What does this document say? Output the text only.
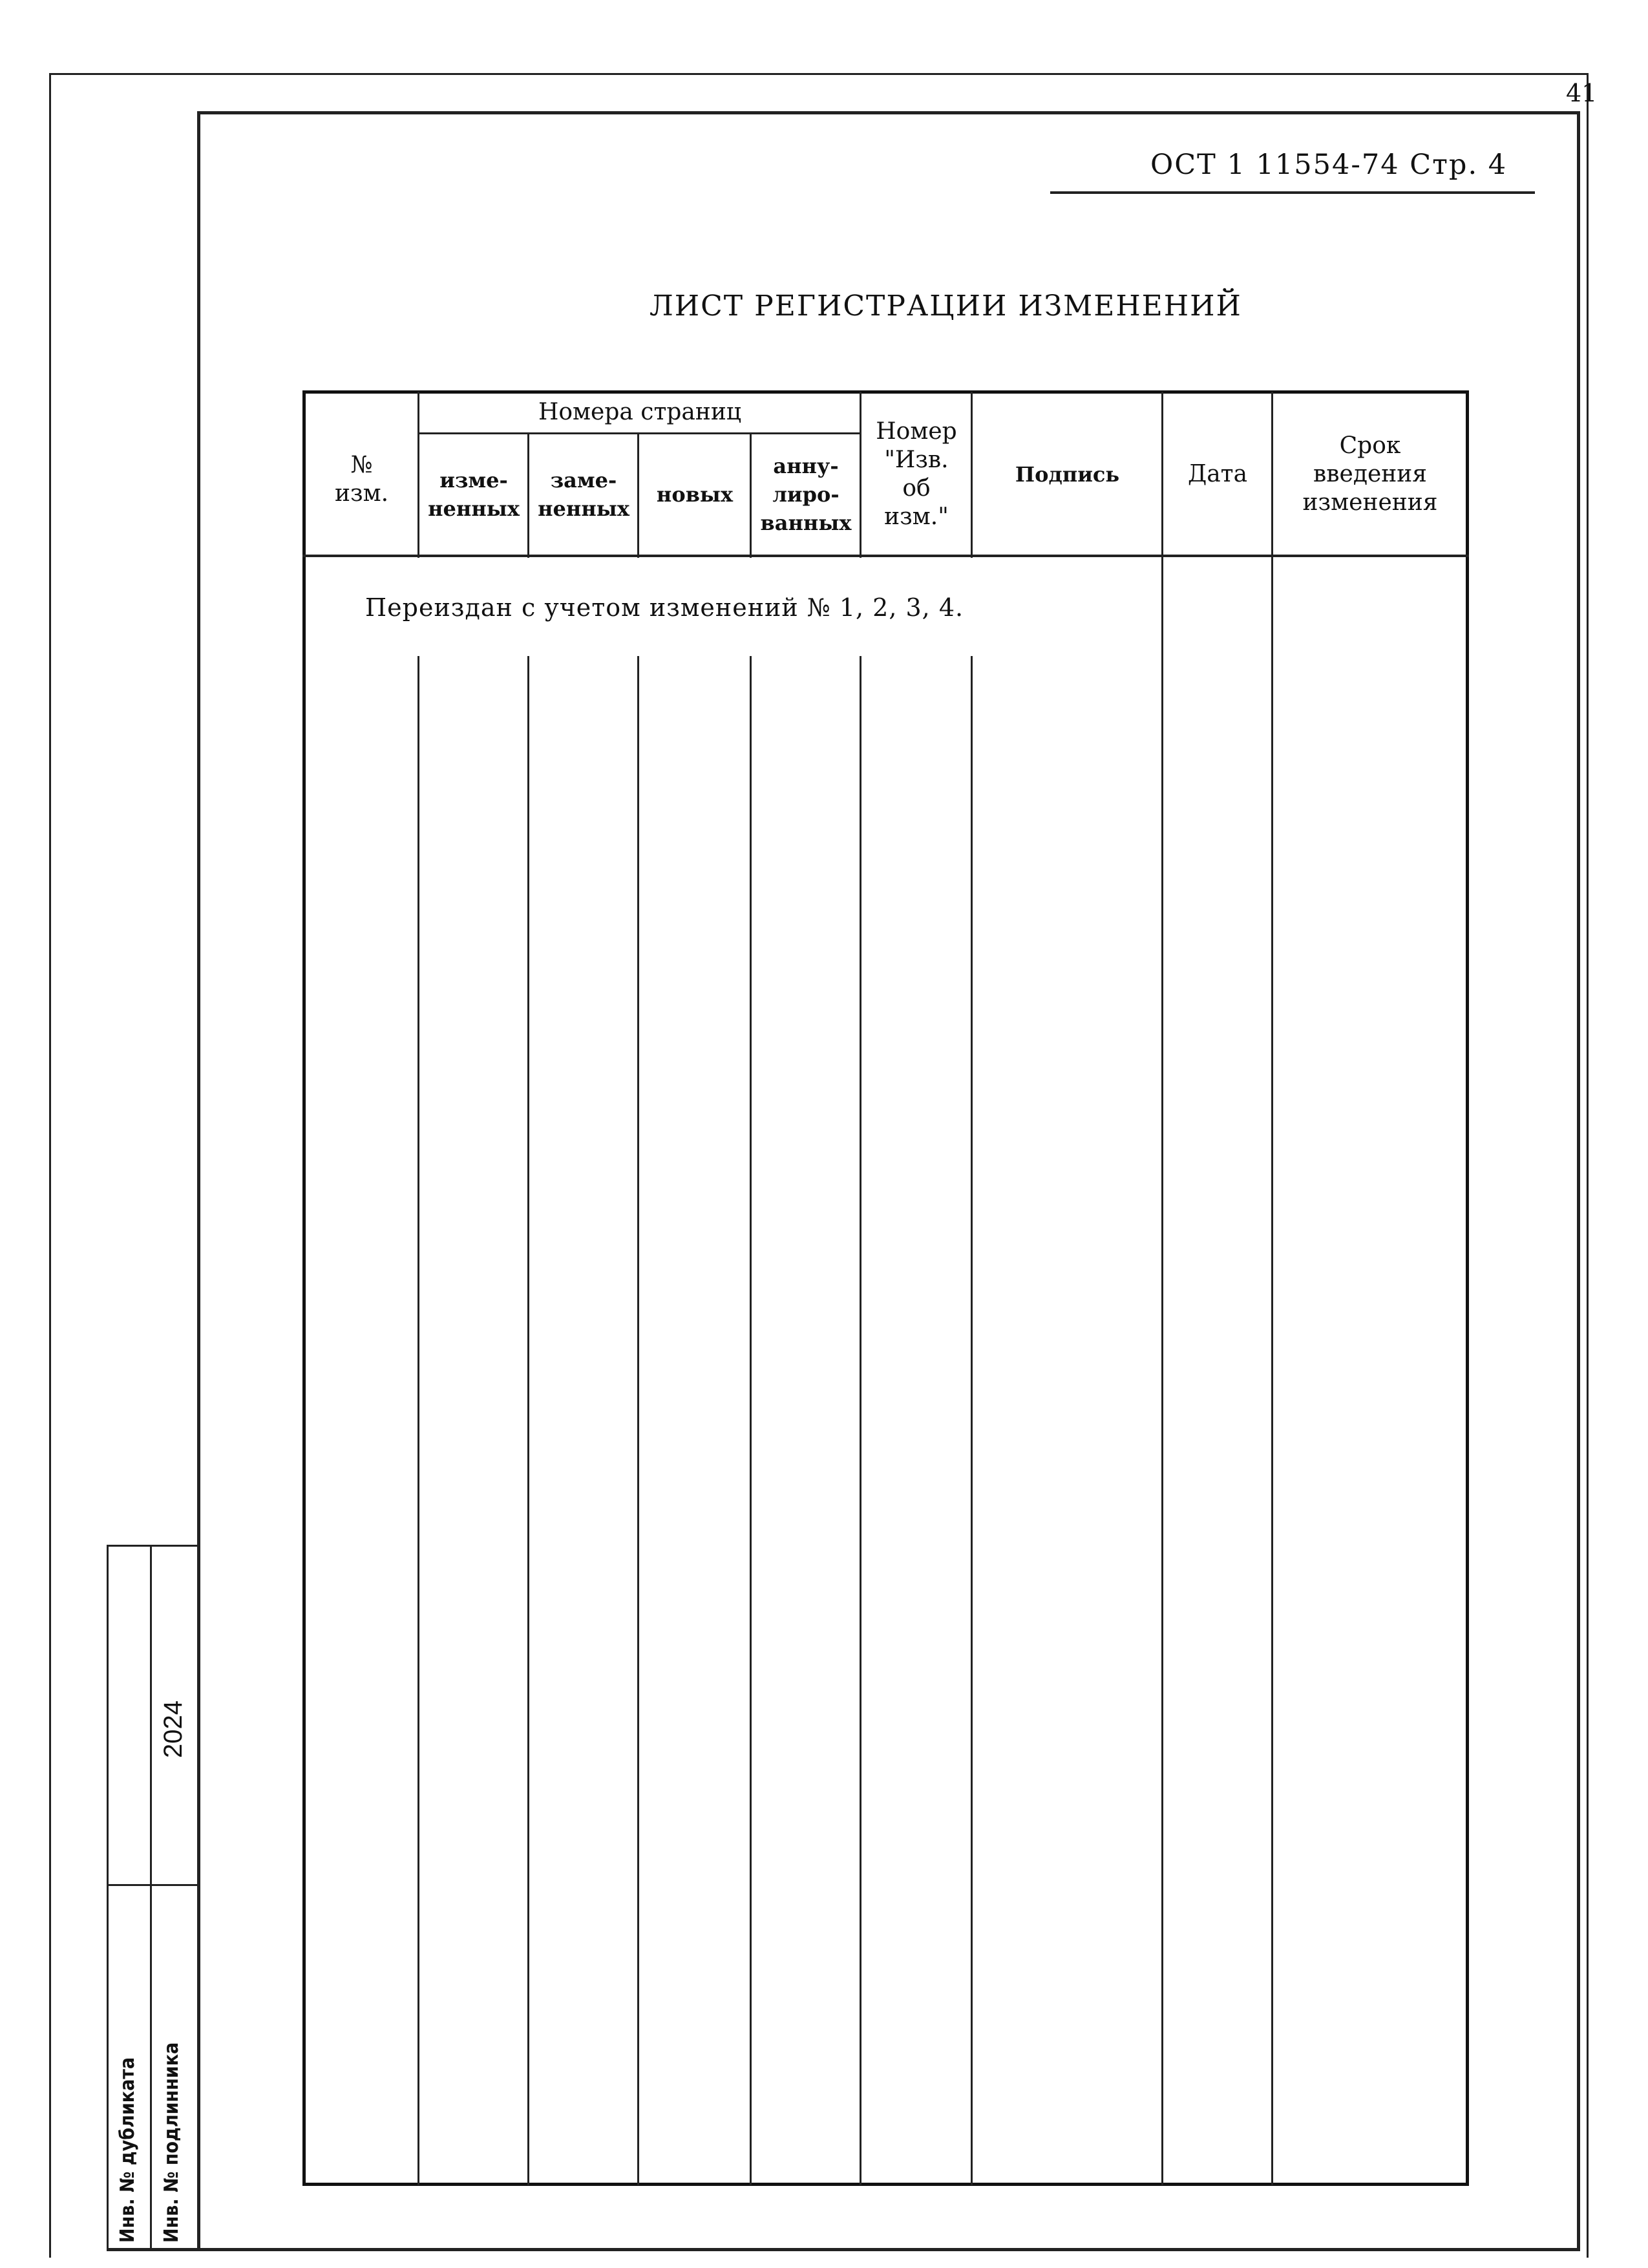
41
ОСТ 1 11554-74 Стр. 4
ЛИСТ РЕГИСТРАЦИИ ИЗМЕНЕНИЙ
Номера страниц
№
изм.	изме-
ненных
заме-
ненных
новых
анну-
лиро-
ванных
Номер
"Изв.
об
изм."
Подпись	Дата
Срок
введения
изменения
Переиздан с учетом изменений № 1, 2, 3, 4.
Инв. № дубликата Инв. № подлинника
2024
